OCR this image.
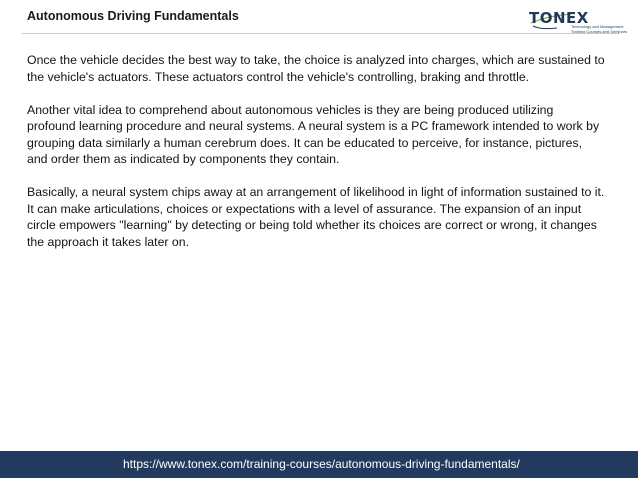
Autonomous Driving Fundamentals	TONEX
Technology and Management
Training Courses and Seminars

Once the vehicle decides the best way to take, the choice is analyzed into charges, which are sustained to the vehicle's actuators. These actuators control the vehicle's controlling, braking and throttle.

Another vital idea to comprehend about autonomous vehicles is they are being produced utilizing profound learning procedure and neural systems. A neural system is a PC framework intended to work by grouping data similarly a human cerebrum does. It can be educated to perceive, for instance, pictures, and order them as indicated by components they contain.

Basically, a neural system chips away at an arrangement of likelihood in light of information sustained to it. It can make articulations, choices or expectations with a level of assurance. The expansion of an input circle empowers "learning" by detecting or being told whether its choices are correct or wrong, it changes the approach it takes later on.

https://www.tonex.com/training-courses/autonomous-driving-fundamentals/
